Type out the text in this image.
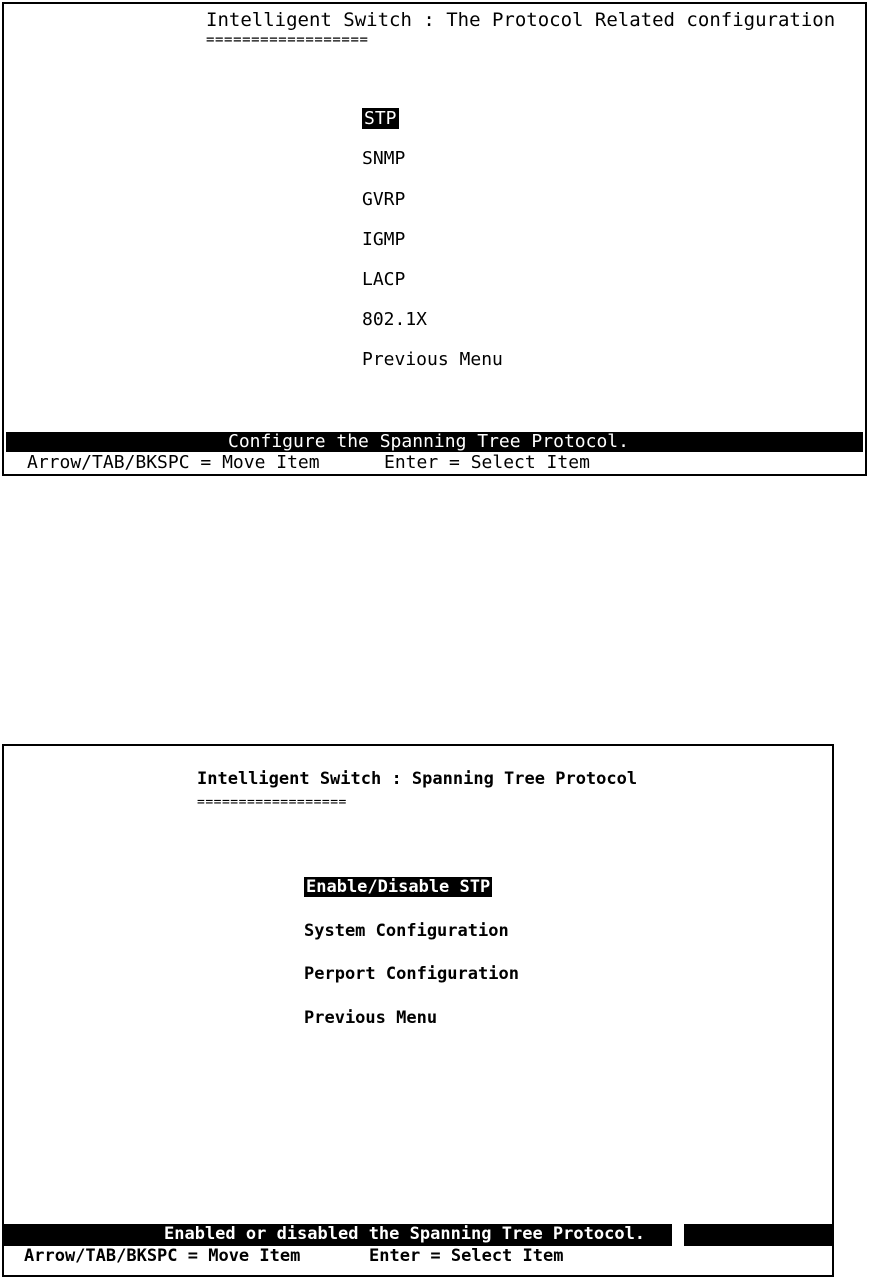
Intelligent Switch : The Protocol Related configuration
==================
STP
SNMP
GVRP
IGMP
LACP
802.1X
Previous Menu
Configure the Spanning Tree Protocol.
Arrow/TAB/BKSPC = Move Item	Enter = Select Item
Intelligent Switch : Spanning Tree Protocol
==================
Enable/Disable STP
System Configuration
Perport Configuration
Previous Menu
Enabled or disabled the Spanning Tree Protocol.
Arrow/TAB/BKSPC = Move Item	Enter = Select Item
